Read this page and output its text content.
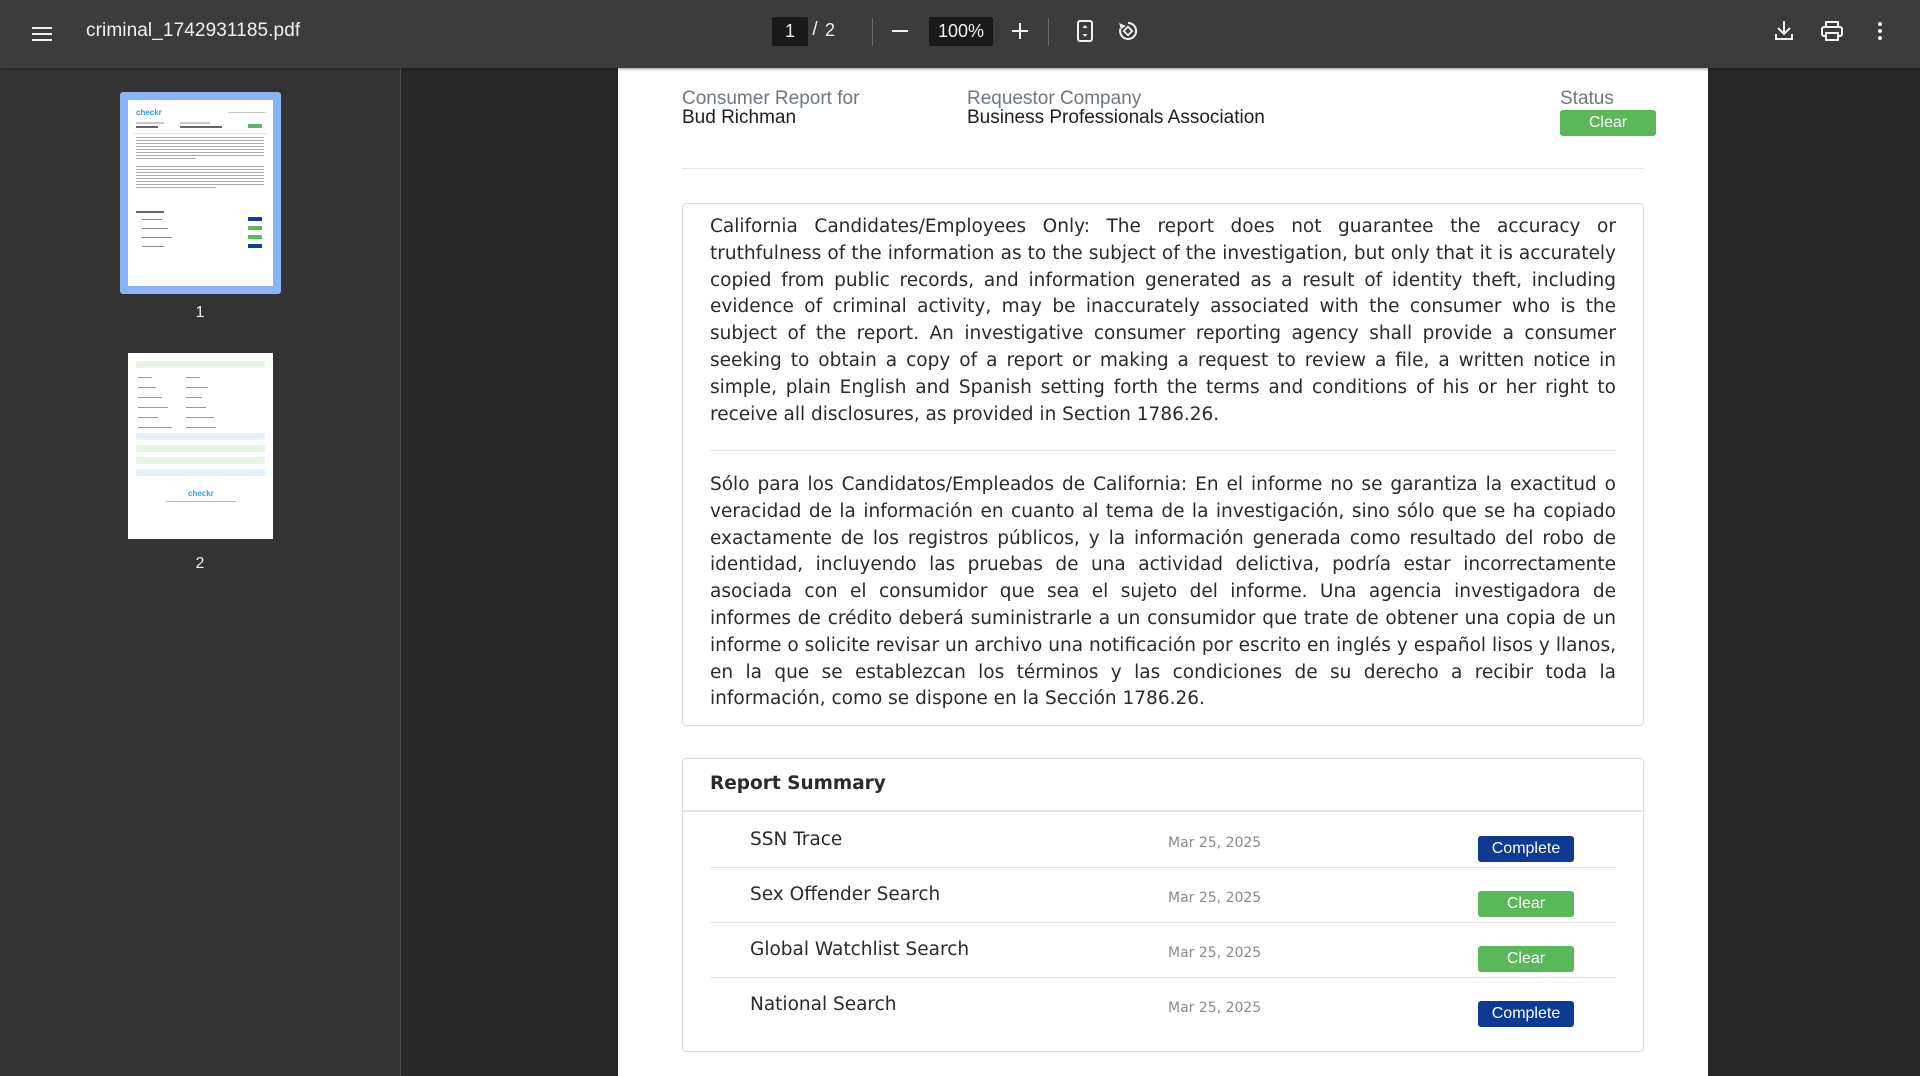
criminal_1742931185.pdf	1 / 2	100%
checkr
1
checkr
2
Consumer Report for
Bud Richman
Requestor Company
Business Professionals Association
Status
Clear

California Candidates/Employees Only: The report does not guarantee the accuracy or truthfulness of the information as to the subject of the investigation, but only that it is accurately copied from public records, and information generated as a result of identity theft, including evidence of criminal activity, may be inaccurately associated with the consumer who is the subject of the report. An investigative consumer reporting agency shall provide a consumer seeking to obtain a copy of a report or making a request to review a file, a written notice in simple, plain English and Spanish setting forth the terms and conditions of his or her right to receive all disclosures, as provided in Section 1786.26.

Sólo para los Candidatos/Empleados de California: En el informe no se garantiza la exactitud o veracidad de la información en cuanto al tema de la investigación, sino sólo que se ha copiado exactamente de los registros públicos, y la información generada como resultado del robo de identidad, incluyendo las pruebas de una actividad delictiva, podría estar incorrectamente asociada con el consumidor que sea el sujeto del informe. Una agencia investigadora de informes de crédito deberá suministrarle a un consumidor que trate de obtener una copia de un informe o solicite revisar un archivo una notificación por escrito en inglés y español lisos y llanos, en la que se establezcan los términos y las condiciones de su derecho a recibir toda la información, como se dispone en la Sección 1786.26.

Report Summary
SSN Trace	Mar 25, 2025	Complete
Sex Offender Search	Mar 25, 2025	Clear
Global Watchlist Search	Mar 25, 2025	Clear
National Search	Mar 25, 2025	Complete
